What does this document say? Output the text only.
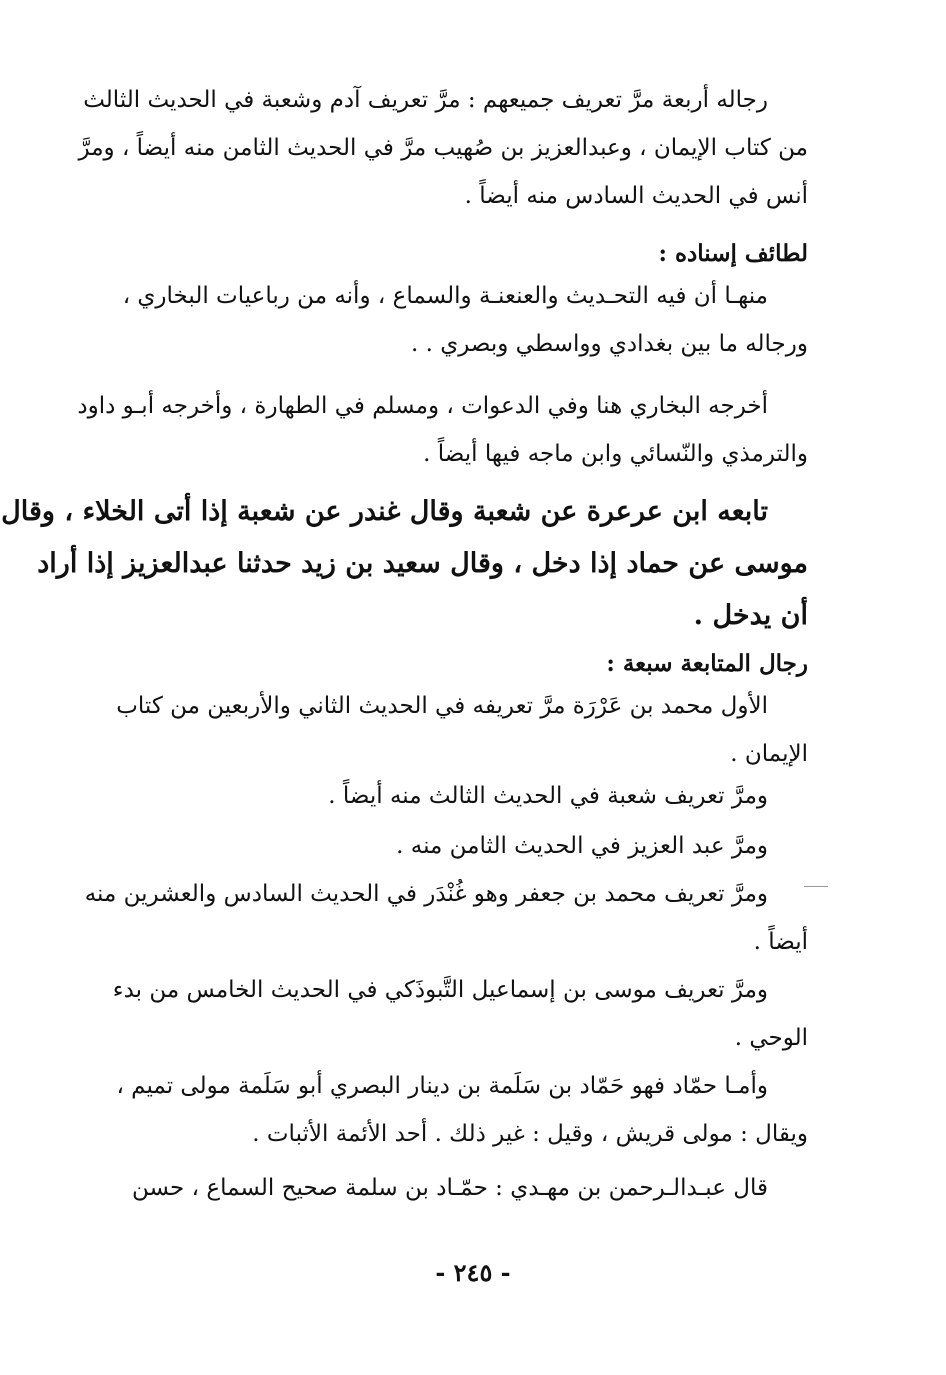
رجاله أربعة مرَّ تعريف جميعهم : مرَّ تعريف آدم وشعبة في الحديث الثالث
من كتاب الإيمان ، وعبدالعزيز بن صُهيب مرَّ في الحديث الثامن منه أيضاً ، ومرَّ
أنس في الحديث السادس منه أيضاً .
لطائف إسناده :
منهـا أن فيه التحـديث والعنعنـة والسماع ، وأنه من رباعيات البخاري ،
ورجاله ما بين بغدادي وواسطي وبصري . .
أخرجه البخاري هنا وفي الدعوات ، ومسلم في الطهارة ، وأخرجه أبـو داود
والترمذي والنّسائي وابن ماجه فيها أيضاً .
تابعه ابن عرعرة عن شعبة وقال غندر عن شعبة إذا أتى الخلاء ، وقال
موسى عن حماد إذا دخل ، وقال سعيد بن زيد حدثنا عبدالعزيز إذا أراد
أن يدخل .
رجال المتابعة سبعة :
الأول محمد بن عَرْرَة مرَّ تعريفه في الحديث الثاني والأربعين من كتاب
الإيمان .
ومرَّ تعريف شعبة في الحديث الثالث منه أيضاً .
ومرَّ عبد العزيز في الحديث الثامن منه .
ومرَّ تعريف محمد بن جعفر وهو غُنْدَر في الحديث السادس والعشرين منه
أيضاً .
ومرَّ تعريف موسى بن إسماعيل التَّبوذَكي في الحديث الخامس من بدء
الوحي .
وأمـا حمّاد فهو حَمّاد بن سَلَمة بن دينار البصري أبو سَلَمة مولى تميم ،
ويقال : مولى قريش ، وقيل : غير ذلك . أحد الأئمة الأثبات .
قال عبـدالـرحمن بن مهـدي : حمّـاد بن سلمة صحيح السماع ، حسن
- ٢٤٥ -
